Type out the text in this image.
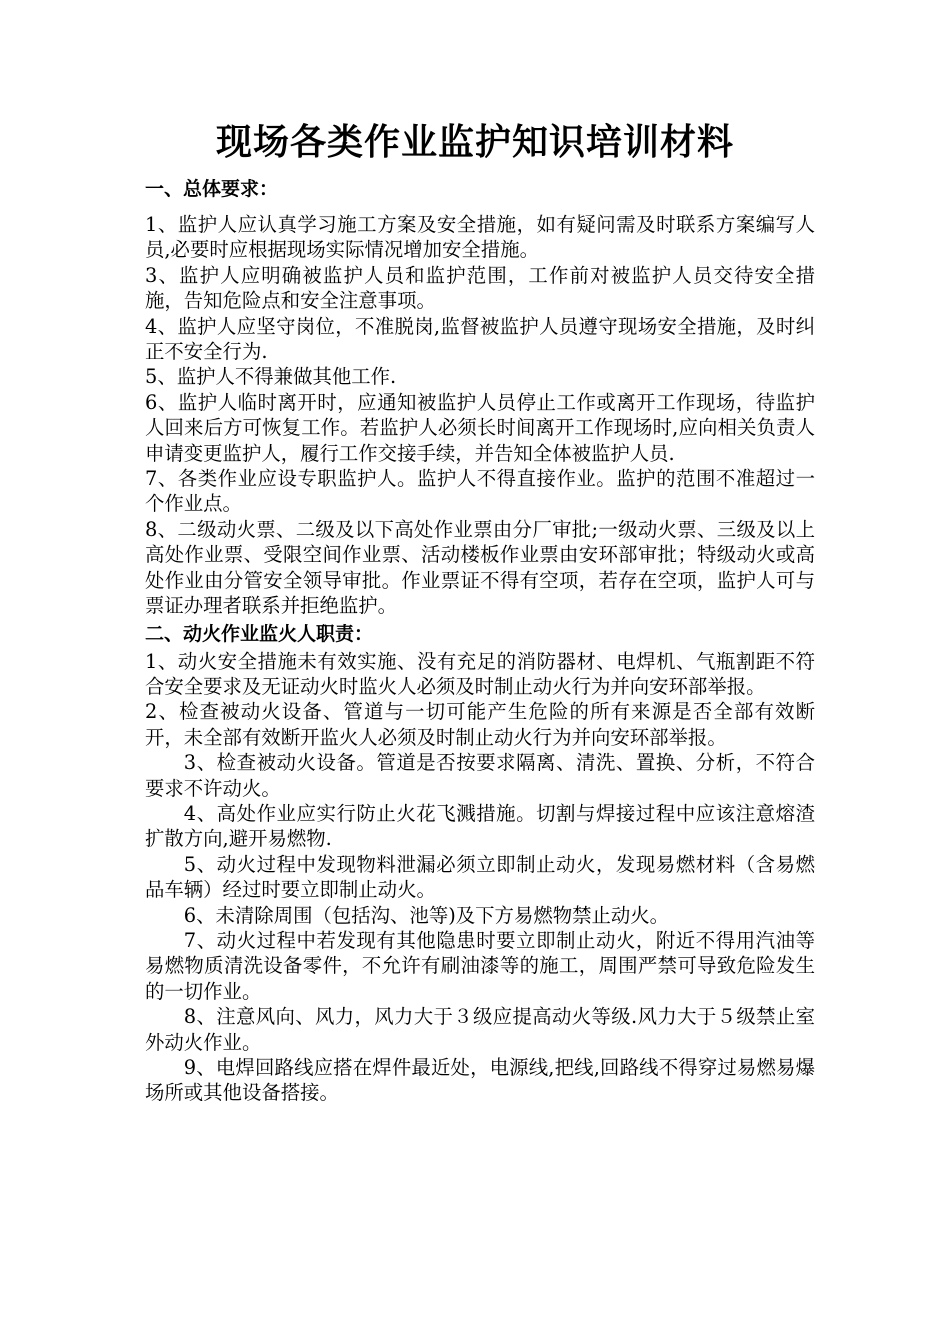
现场各类作业监护知识培训材料
一、总体要求：

1、监护人应认真学习施工方案及安全措施，如有疑问需及时联系方案编写人员,必要时应根据现场实际情况增加安全措施。

3、监护人应明确被监护人员和监护范围，工作前对被监护人员交待安全措施，告知危险点和安全注意事项。

4、监护人应坚守岗位，不准脱岗,监督被监护人员遵守现场安全措施，及时纠正不安全行为.

5、监护人不得兼做其他工作.

6、监护人临时离开时，应通知被监护人员停止工作或离开工作现场，待监护人回来后方可恢复工作。若监护人必须长时间离开工作现场时,应向相关负责人申请变更监护人，履行工作交接手续，并告知全体被监护人员.

7、各类作业应设专职监护人。监护人不得直接作业。监护的范围不准超过一个作业点。

8、二级动火票、二级及以下高处作业票由分厂审批;一级动火票、三级及以上高处作业票、受限空间作业票、活动楼板作业票由安环部审批；特级动火或高处作业由分管安全领导审批。作业票证不得有空项，若存在空项，监护人可与票证办理者联系并拒绝监护。

二、动火作业监火人职责：

1、动火安全措施未有效实施、没有充足的消防器材、电焊机、气瓶割距不符合安全要求及无证动火时监火人必须及时制止动火行为并向安环部举报。

2、检查被动火设备、管道与一切可能产生危险的所有来源是否全部有效断开，未全部有效断开监火人必须及时制止动火行为并向安环部举报。

3、检查被动火设备。管道是否按要求隔离、清洗、置换、分析，不符合要求不许动火。

4、高处作业应实行防止火花飞溅措施。切割与焊接过程中应该注意熔渣扩散方向,避开易燃物.

5、动火过程中发现物料泄漏必须立即制止动火，发现易燃材料（含易燃品车辆）经过时要立即制止动火。

6、未清除周围（包括沟、池等)及下方易燃物禁止动火。

7、动火过程中若发现有其他隐患时要立即制止动火，附近不得用汽油等易燃物质清洗设备零件，不允许有刷油漆等的施工，周围严禁可导致危险发生的一切作业。

8、注意风向、风力，风力大于３级应提高动火等级.风力大于５级禁止室外动火作业。

9、电焊回路线应搭在焊件最近处，电源线,把线,回路线不得穿过易燃易爆场所或其他设备搭接。
